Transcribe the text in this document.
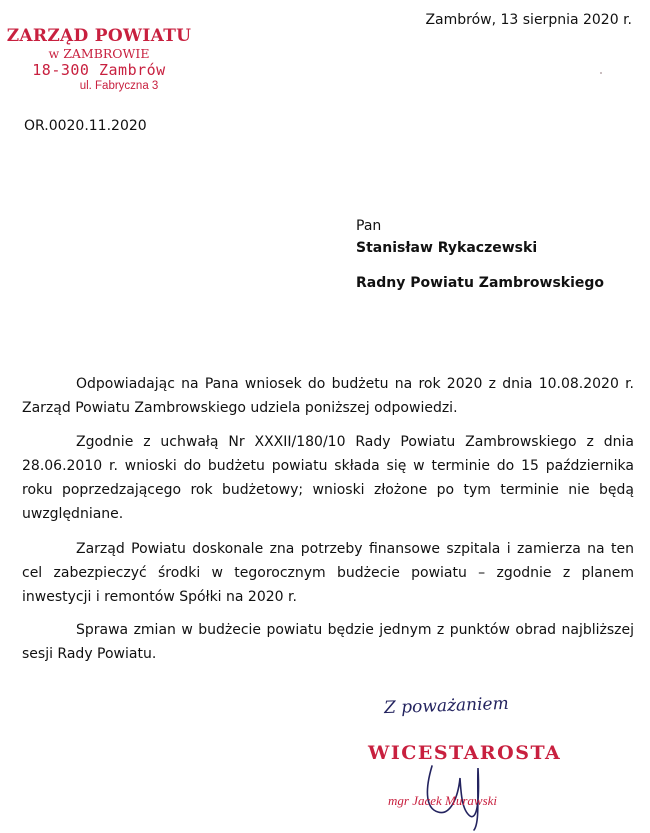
ZARZĄD POWIATU
w ZAMBROWIE
18-300 Zambrów
ul. Fabryczna 3
Zambrów, 13 sierpnia 2020 r.
OR.0020.11.2020
Pan
Stanisław Rykaczewski
Radny Powiatu Zambrowskiego

Odpowiadając na Pana wniosek do budżetu na rok 2020 z dnia 10.08.2020 r. Zarząd Powiatu Zambrowskiego udziela poniższej odpowiedzi.

Zgodnie z uchwałą Nr XXXII/180/10 Rady Powiatu Zambrowskiego z dnia 28.06.2010 r. wnioski do budżetu powiatu składa się w terminie do 15 października roku poprzedzającego rok budżetowy; wnioski złożone po tym terminie nie będą uwzględniane.

Zarząd Powiatu doskonale zna potrzeby finansowe szpitala i zamierza na ten cel zabezpieczyć środki w tegorocznym budżecie powiatu – zgodnie z planem inwestycji i remontów Spółki na 2020 r.

Sprawa zmian w budżecie powiatu będzie jednym z punktów obrad najbliższej sesji Rady Powiatu.

Z poważaniem
WICESTAROSTA
mgr Jacek Murawski
